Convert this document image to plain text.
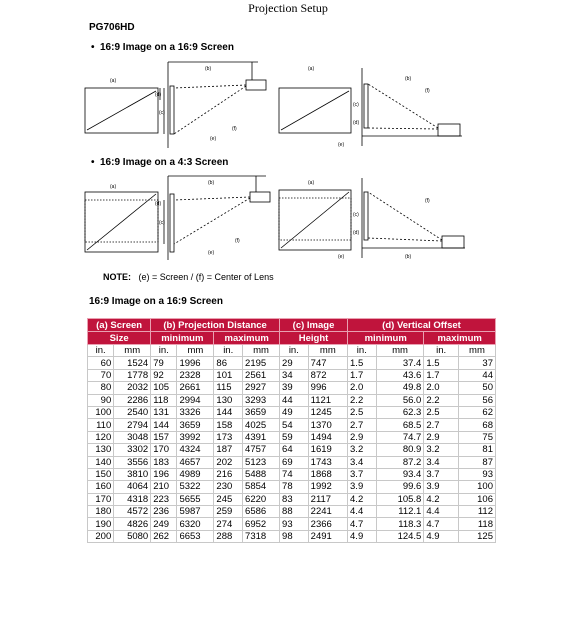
Projection Setup
PG706HD
• 16:9 Image on a 16:9 Screen
(a)
(b)
(c)
(d)
(e)
(f)
(a)
(b)
(c)
(d)
(e)
(f)
• 16:9 Image on a 4:3 Screen
(a)
(b)
(c)
(d)
(e)
(f)
(a)
(b)
(c)
(d)
(e)
(f)
NOTE: (e) = Screen / (f) = Center of Lens
16:9 Image on a 16:9 Screen
(a) Screen		(b) Projection Distance				(c) Image		(d) Vertical Offset			
Size		minimum		maximum		Height		minimum		maximum	
in.	mm	in.	mm	in.	mm	in.	mm	in.	mm	in.	mm
60	1524	79	1996	86	2195	29	747	1.5	37.4	1.5	37
70	1778	92	2328	101	2561	34	872	1.7	43.6	1.7	44
80	2032	105	2661	115	2927	39	996	2.0	49.8	2.0	50
90	2286	118	2994	130	3293	44	1121	2.2	56.0	2.2	56
100	2540	131	3326	144	3659	49	1245	2.5	62.3	2.5	62
110	2794	144	3659	158	4025	54	1370	2.7	68.5	2.7	68
120	3048	157	3992	173	4391	59	1494	2.9	74.7	2.9	75
130	3302	170	4324	187	4757	64	1619	3.2	80.9	3.2	81
140	3556	183	4657	202	5123	69	1743	3.4	87.2	3.4	87
150	3810	196	4989	216	5488	74	1868	3.7	93.4	3.7	93
160	4064	210	5322	230	5854	78	1992	3.9	99.6	3.9	100
170	4318	223	5655	245	6220	83	2117	4.2	105.8	4.2	106
180	4572	236	5987	259	6586	88	2241	4.4	112.1	4.4	112
190	4826	249	6320	274	6952	93	2366	4.7	118.3	4.7	118
200	5080	262	6653	288	7318	98	2491	4.9	124.5	4.9	125
